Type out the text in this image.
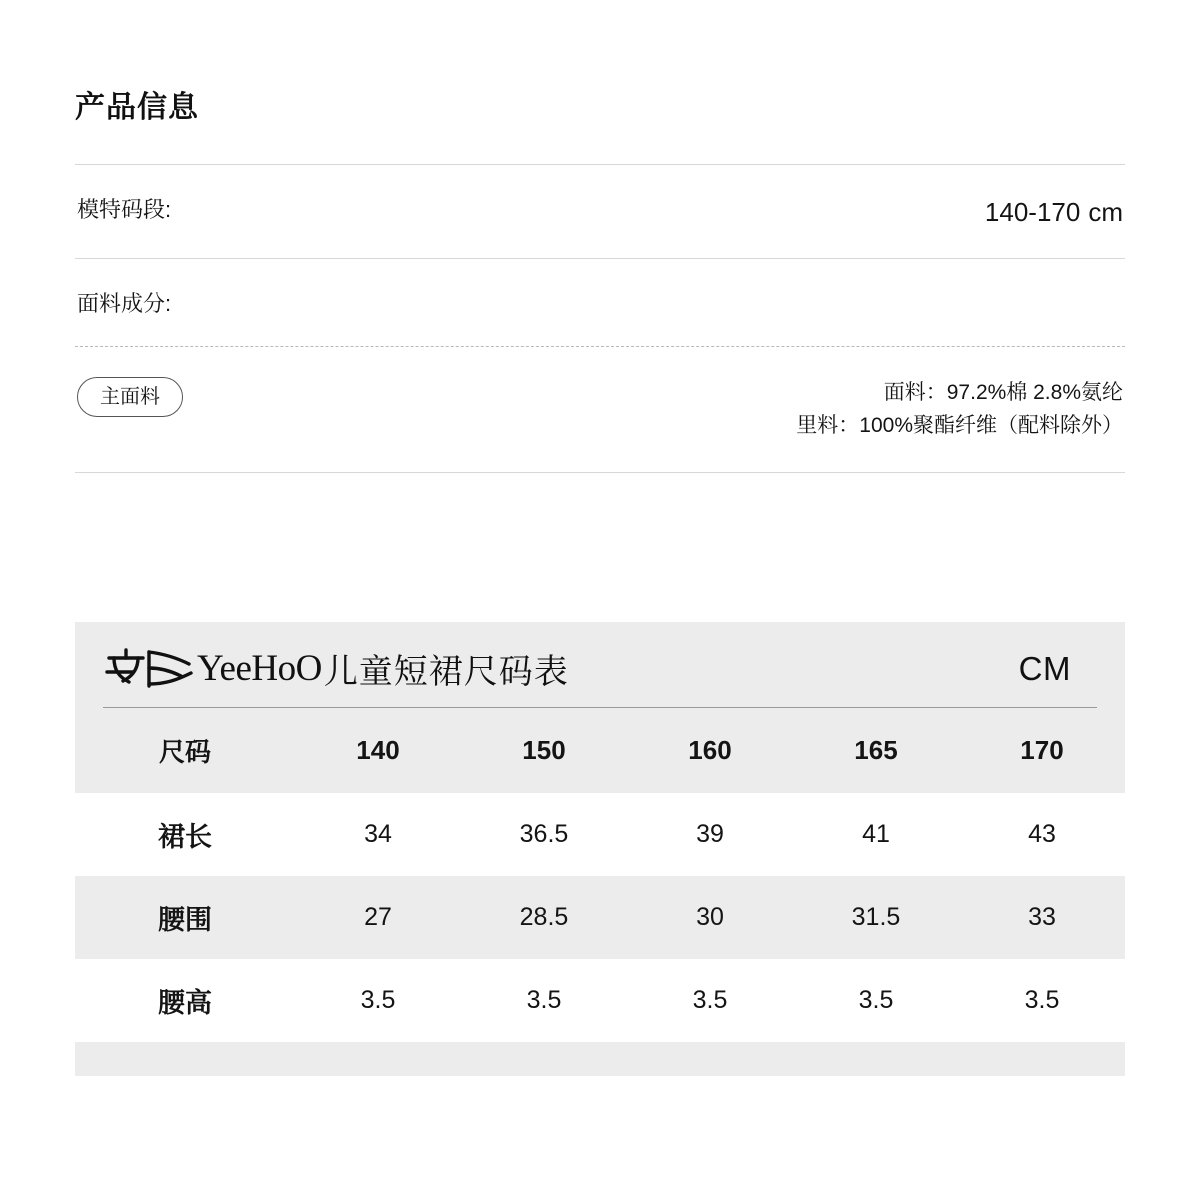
产品信息
模特码段:	140-170 cm
面料成分:
主面料	面料：97.2%棉 2.8%氨纶
里料：100%聚酯纤维（配料除外）
YeeHoO 儿童短裙尺码表	CM
尺码	140	150	160	165	170
裙长	34	36.5	39	41	43
腰围	27	28.5	30	31.5	33
腰高	3.5	3.5	3.5	3.5	3.5
